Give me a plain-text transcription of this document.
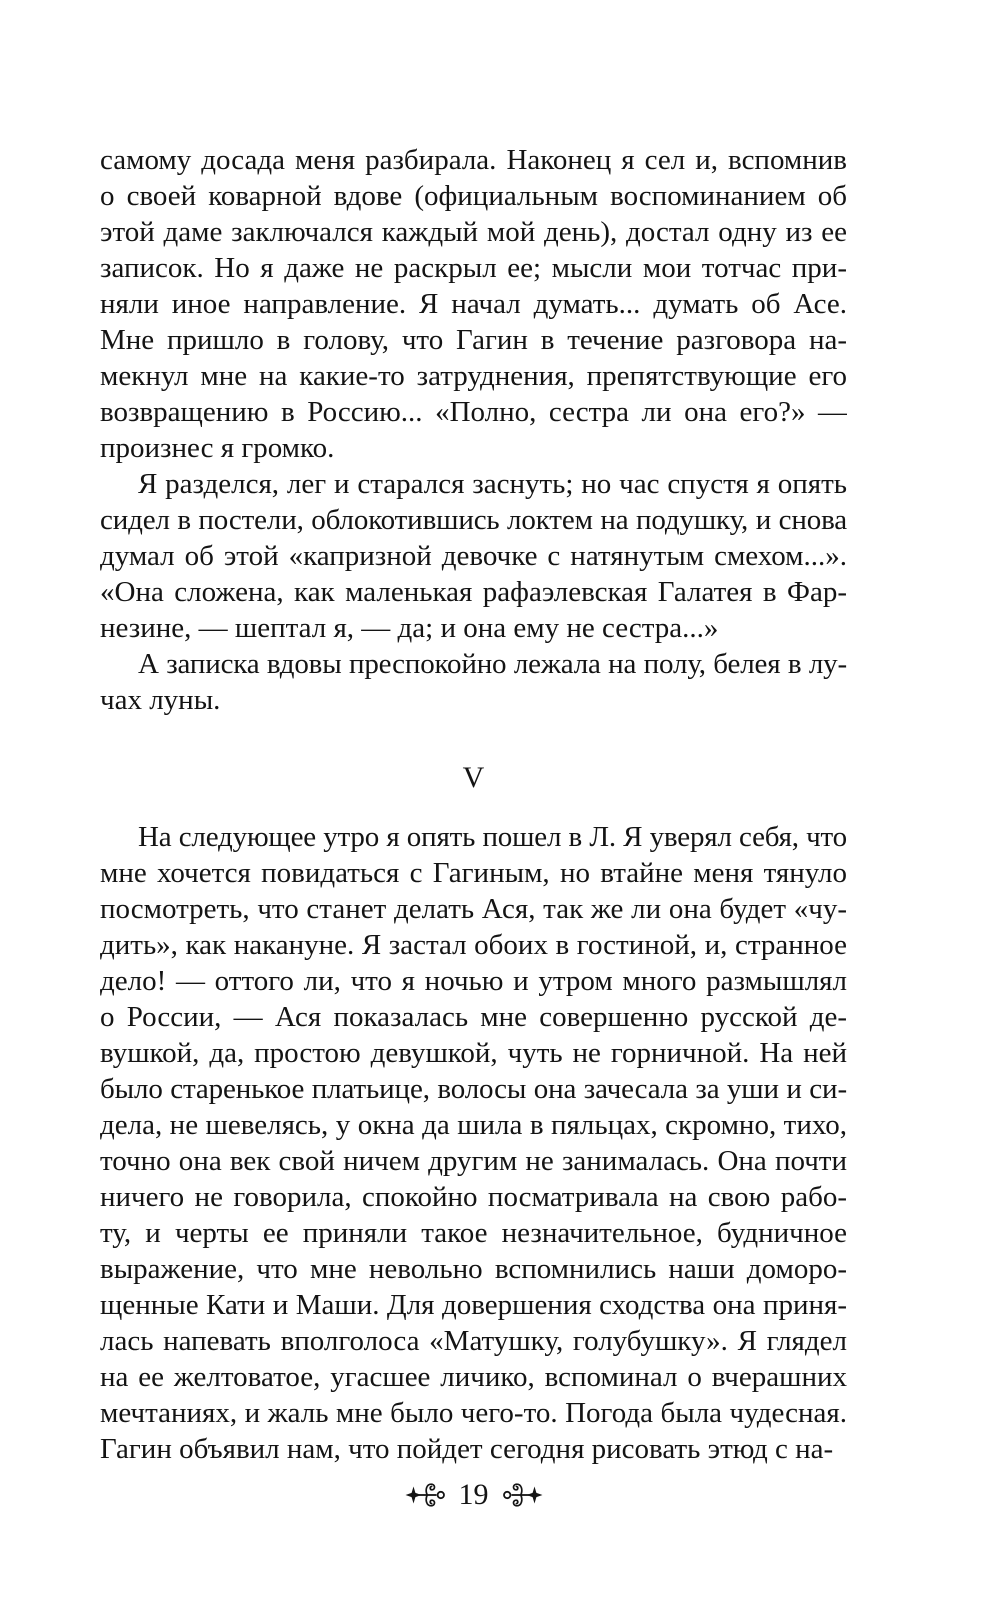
самому досада меня разбирала. Наконец я сел и, вспомнив
о своей коварной вдове (официальным воспоминанием об
этой даме заключался каждый мой день), достал одну из ее
записок. Но я даже не раскрыл ее; мысли мои тотчас при-
няли иное направление. Я начал думать... думать об Асе.
Мне пришло в голову, что Гагин в течение разговора на-
мекнул мне на какие-то затруднения, препятствующие его
возвращению в Россию... «Полно, сестра ли она его?» —
произнес я громко.
Я разделся, лег и старался заснуть; но час спустя я опять
сидел в постели, облокотившись локтем на подушку, и снова
думал об этой «капризной девочке с натянутым смехом...».
«Она сложена, как маленькая рафаэлевская Галатея в Фар-
незине, — шептал я, — да; и она ему не сестра...»
А записка вдовы преспокойно лежала на полу, белея в лу-
чах луны.
V
На следующее утро я опять пошел в Л. Я уверял себя, что
мне хочется повидаться с Гагиным, но втайне меня тянуло
посмотреть, что станет делать Ася, так же ли она будет «чу-
дить», как накануне. Я застал обоих в гостиной, и, странное
дело! — оттого ли, что я ночью и утром много размышлял
о России, — Ася показалась мне совершенно русской де-
вушкой, да, простою девушкой, чуть не горничной. На ней
было старенькое платьице, волосы она зачесала за уши и си-
дела, не шевелясь, у окна да шила в пяльцах, скромно, тихо,
точно она век свой ничем другим не занималась. Она почти
ничего не говорила, спокойно посматривала на свою рабо-
ту, и черты ее приняли такое незначительное, будничное
выражение, что мне невольно вспомнились наши доморо-
щенные Кати и Маши. Для довершения сходства она приня-
лась напевать вполголоса «Матушку, голубушку». Я глядел
на ее желтоватое, угасшее личико, вспоминал о вчерашних
мечтаниях, и жаль мне было чего-то. Погода была чудесная.
Гагин объявил нам, что пойдет сегодня рисовать этюд с на-
19
